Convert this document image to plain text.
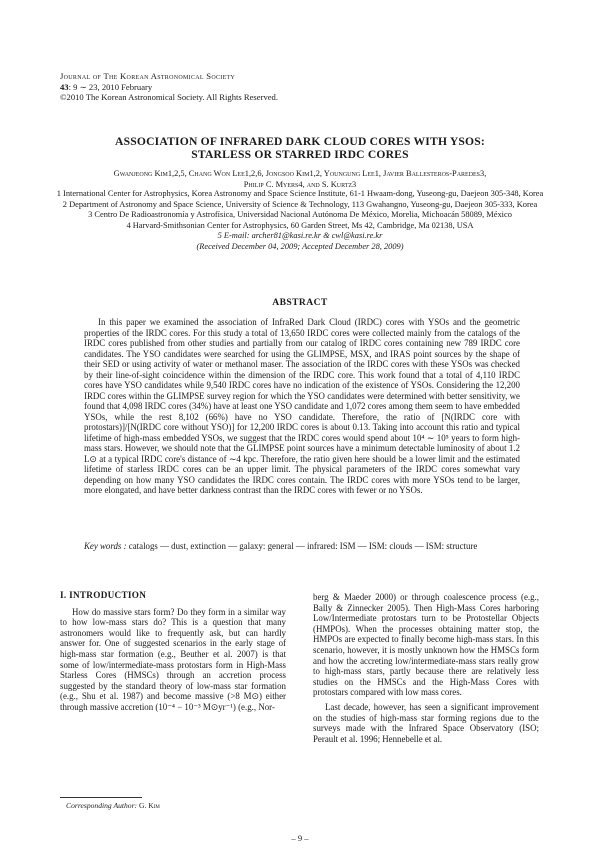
Journal of The Korean Astronomical Society
43: 9 ∼ 23, 2010 February
©2010 The Korean Astronomical Society. All Rights Reserved.
ASSOCIATION OF INFRARED DARK CLOUD CORES WITH YSOS:
STARLESS OR STARRED IRDC CORES
Gwanjeong Kim1,2,5, Chang Won Lee1,2,6, Jongsoo Kim1,2, Youngung Lee1, Javier Ballesteros-Paredes3,
Philip C. Myers4, and S. Kurtz3
1 International Center for Astrophysics, Korea Astronomy and Space Science Institute, 61-1 Hwaam-dong, Yuseong-gu, Daejeon 305-348, Korea
2 Department of Astronomy and Space Science, University of Science & Technology, 113 Gwahangno, Yuseong-gu, Daejeon 305-333, Korea
3 Centro De Radioastronomía y Astrofísica, Universidad Nacional Autónoma De México, Morelia, Michoacán 58089, México
4 Harvard-Smithsonian Center for Astrophysics, 60 Garden Street, Ms 42, Cambridge, Ma 02138, USA
5 E-mail: archer81@kasi.re.kr & cwl@kasi.re.kr
(Received December 04, 2009; Accepted December 28, 2009)
ABSTRACT

In this paper we examined the association of InfraRed Dark Cloud (IRDC) cores with YSOs and the geometric properties of the IRDC cores. For this study a total of 13,650 IRDC cores were collected mainly from the catalogs of the IRDC cores published from other studies and partially from our catalog of IRDC cores containing new 789 IRDC core candidates. The YSO candidates were searched for using the GLIMPSE, MSX, and IRAS point sources by the shape of their SED or using activity of water or methanol maser. The association of the IRDC cores with these YSOs was checked by their line-of-sight coincidence within the dimension of the IRDC core. This work found that a total of 4,110 IRDC cores have YSO candidates while 9,540 IRDC cores have no indication of the existence of YSOs. Considering the 12,200 IRDC cores within the GLIMPSE survey region for which the YSO candidates were determined with better sensitivity, we found that 4,098 IRDC cores (34%) have at least one YSO candidate and 1,072 cores among them seem to have embedded YSOs, while the rest 8,102 (66%) have no YSO candidate. Therefore, the ratio of [N(IRDC core with protostars)]/[N(IRDC core without YSO)] for 12,200 IRDC cores is about 0.13. Taking into account this ratio and typical lifetime of high-mass embedded YSOs, we suggest that the IRDC cores would spend about 10⁴ ∼ 10⁵ years to form high-mass stars. However, we should note that the GLIMPSE point sources have a minimum detectable luminosity of about 1.2 L⊙ at a typical IRDC core's distance of ∼4 kpc. Therefore, the ratio given here should be a lower limit and the estimated lifetime of starless IRDC cores can be an upper limit. The physical parameters of the IRDC cores somewhat vary depending on how many YSO candidates the IRDC cores contain. The IRDC cores with more YSOs tend to be larger, more elongated, and have better darkness contrast than the IRDC cores with fewer or no YSOs.

Key words : catalogs — dust, extinction — galaxy: general — infrared: ISM — ISM: clouds — ISM: structure
I. INTRODUCTION

How do massive stars form? Do they form in a similar way to how low-mass stars do? This is a question that many astronomers would like to frequently ask, but can hardly answer for. One of suggested scenarios in the early stage of high-mass star formation (e.g., Beuther et al. 2007) is that some of low/intermediate-mass protostars form in High-Mass Starless Cores (HMSCs) through an accretion process suggested by the standard theory of low-mass star formation (e.g., Shu et al. 1987) and become massive (>8 M⊙) either through massive accretion (10⁻⁴ − 10⁻³ M⊙yr⁻¹) (e.g., Nor-

berg & Maeder 2000) or through coalescence process (e.g., Bally & Zinnecker 2005). Then High-Mass Cores harboring Low/Intermediate protostars turn to be Protostellar Objects (HMPOs). When the processes obtaining matter stop, the HMPOs are expected to finally become high-mass stars. In this scenario, however, it is mostly unknown how the HMSCs form and how the accreting low/intermediate-mass stars really grow to high-mass stars, partly because there are relatively less studies on the HMSCs and the High-Mass Cores with protostars compared with low mass cores.

Last decade, however, has seen a significant improvement on the studies of high-mass star forming regions due to the surveys made with the Infrared Space Observatory (ISO; Perault et al. 1996; Hennebelle et al.

Corresponding Author: G. Kim
– 9 –
